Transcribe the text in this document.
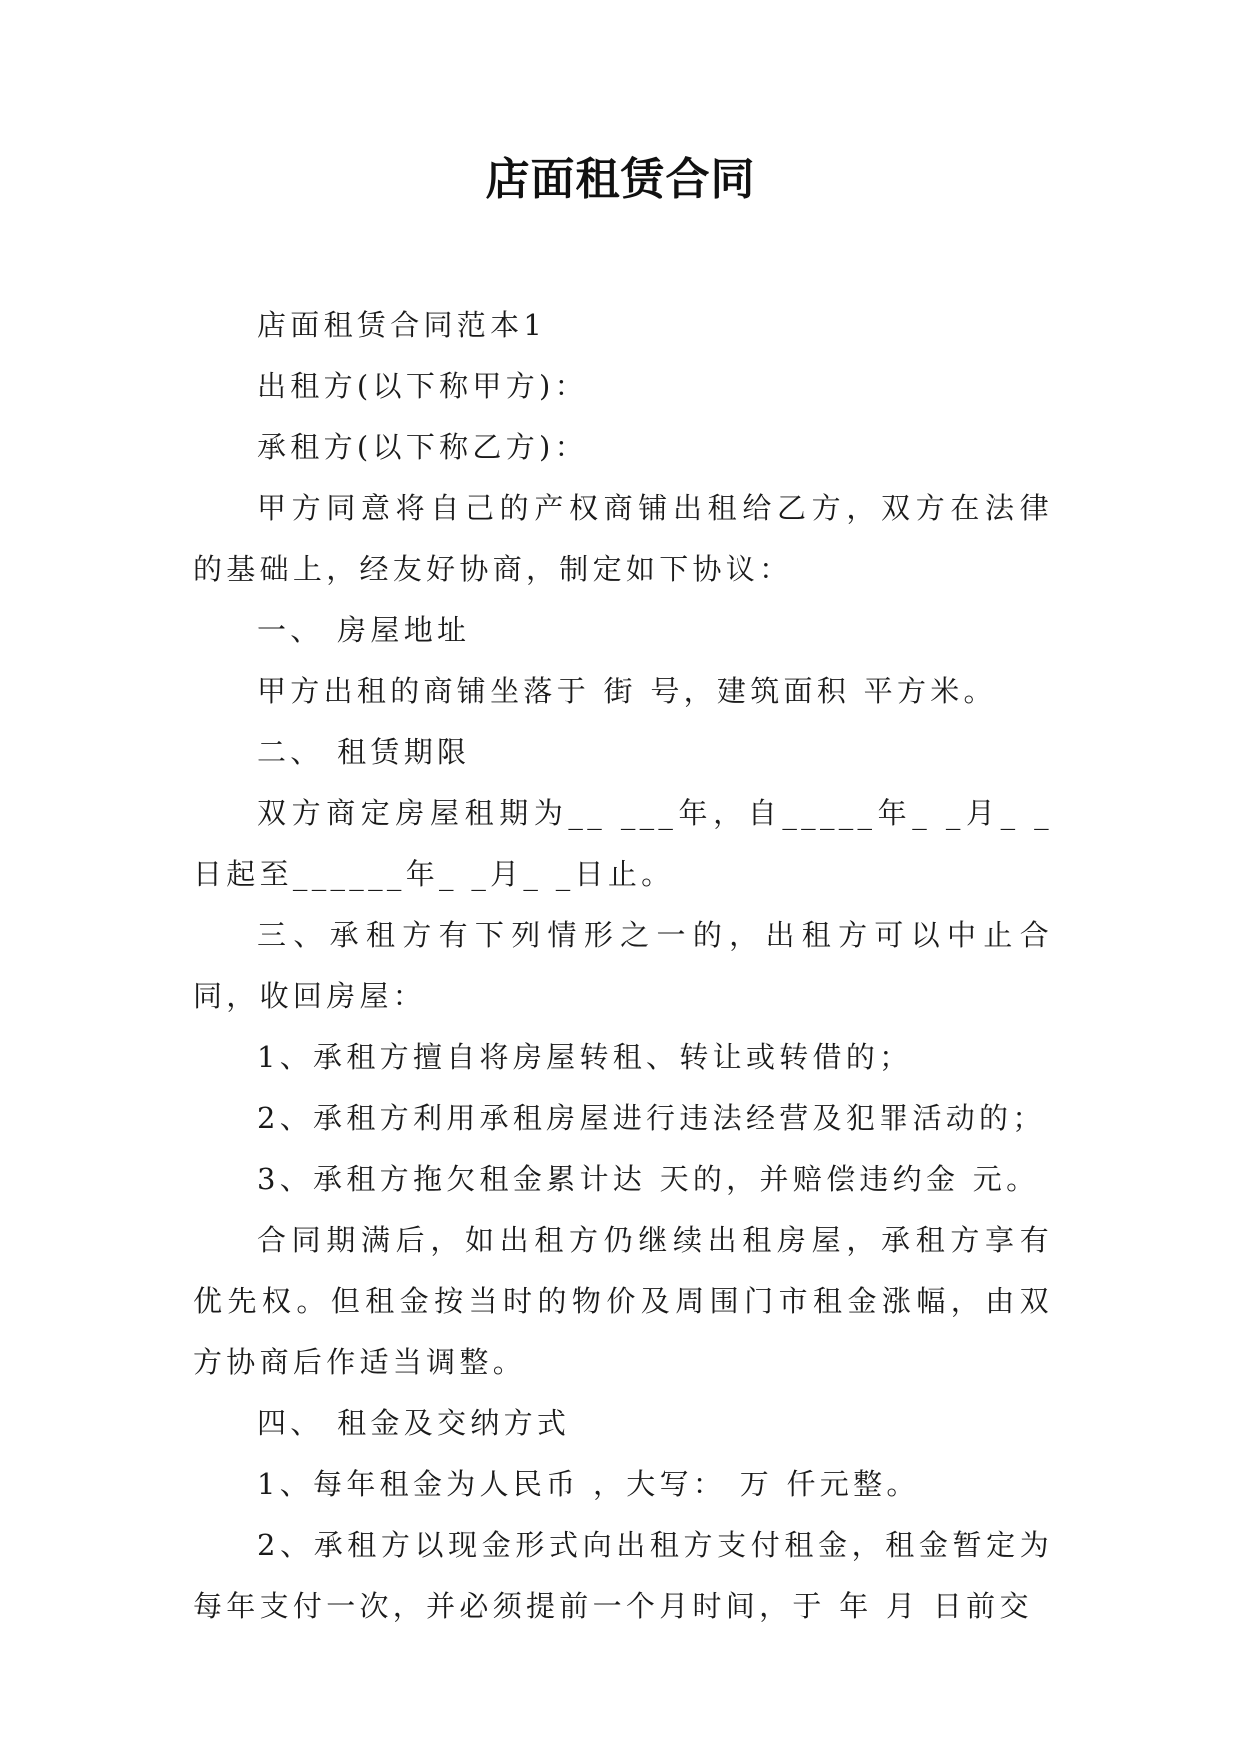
店面租赁合同

店面租赁合同范本1

出租方(以下称甲方)：

承租方(以下称乙方)：

甲方同意将自己的产权商铺出租给乙方，双方在法律的基础上，经友好协商，制定如下协议：

一、 房屋地址

甲方出租的商铺坐落于 街 号，建筑面积 平方米。

二、 租赁期限

双方商定房屋租期为__ ___年，自_____年_ _月_ _日起至______年_ _月_ _日止。

三、承租方有下列情形之一的，出租方可以中止合同，收回房屋：

1、承租方擅自将房屋转租、转让或转借的；

2、承租方利用承租房屋进行违法经营及犯罪活动的；

3、承租方拖欠租金累计达 天的，并赔偿违约金 元。

合同期满后，如出租方仍继续出租房屋，承租方享有优先权。但租金按当时的物价及周围门市租金涨幅，由双方协商后作适当调整。

四、 租金及交纳方式

1、每年租金为人民币 ，大写： 万 仟元整。

2、承租方以现金形式向出租方支付租金，租金暂定为每年支付一次，并必须提前一个月时间，于 年 月 日前交
